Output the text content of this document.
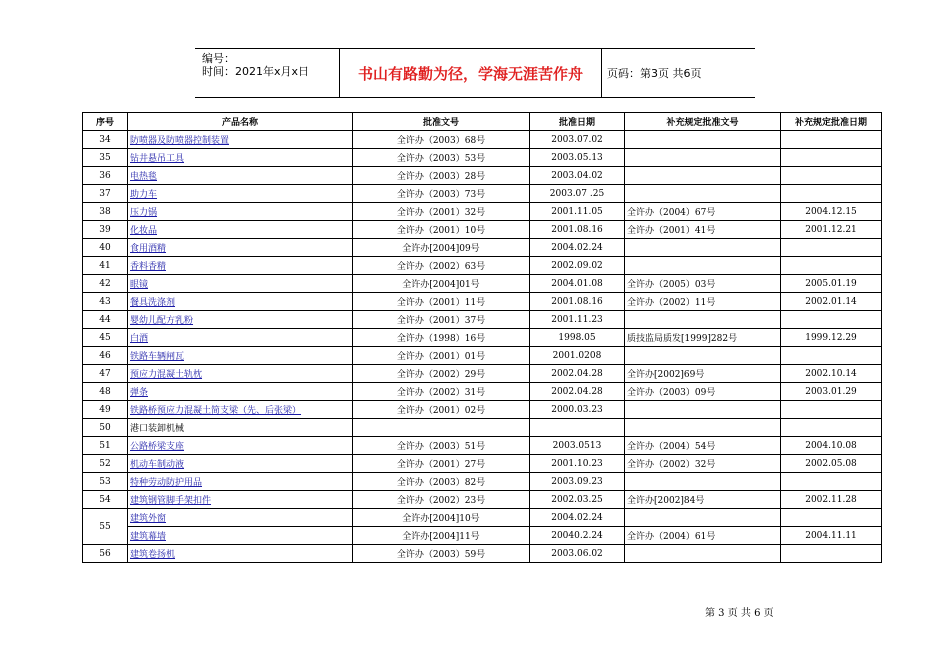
编号：
时间：2021年x月x日	书山有路勤为径，学海无涯苦作舟	页码：第3页 共6页
序号	产品名称	批准文号	批准日期	补充规定批准文号	补充规定批准日期
34	防喷器及防喷器控制装置	全许办（2003）68号	2003.07.02		
35	钻井悬吊工具	全许办（2003）53号	2003.05.13		
36	电热毯	全许办（2003）28号	2003.04.02		
37	助力车	全许办（2003）73号	2003.07 .25		
38	压力锅	全许办（2001）32号	2001.11.05	全许办（2004）67号	2004.12.15
39	化妆品	全许办（2001）10号	2001.08.16	全许办（2001）41号	2001.12.21
40	食用酒精	全许办[2004]09号	2004.02.24		
41	香料香精	全许办（2002）63号	2002.09.02		
42	眼镜	全许办[2004]01号	2004.01.08	全许办（2005）03号	2005.01.19
43	餐具洗涤剂	全许办（2001）11号	2001.08.16	全许办（2002）11号	2002.01.14
44	婴幼儿配方乳粉	全许办（2001）37号	2001.11.23		
45	白酒	全许办（1998）16号	1998.05	质技监局质发[1999]282号	1999.12.29
46	铁路车辆闸瓦	全许办（2001）01号	2001.0208		
47	预应力混凝土轨枕	全许办（2002）29号	2002.04.28	全许办[2002]69号	2002.10.14
48	弹条	全许办（2002）31号	2002.04.28	全许办（2003）09号	2003.01.29
49	铁路桥预应力混凝土简支梁（先、后张梁）	全许办（2001）02号	2000.03.23		
50	港口装卸机械				
51	公路桥梁支座	全许办（2003）51号	2003.0513	全许办（2004）54号	2004.10.08
52	机动车制动液	全许办（2001）27号	2001.10.23	全许办（2002）32号	2002.05.08
53	特种劳动防护用品	全许办（2003）82号	2003.09.23		
54	建筑钢管脚手架扣件	全许办（2002）23号	2002.03.25	全许办[2002]84号	2002.11.28
55	建筑外窗	全许办[2004]10号	2004.02.24		
	建筑幕墙	全许办[2004]11号	20040.2.24	全许办（2004）61号	2004.11.11
56	建筑卷扬机	全许办（2003）59号	2003.06.02		
第 3 页 共 6 页
